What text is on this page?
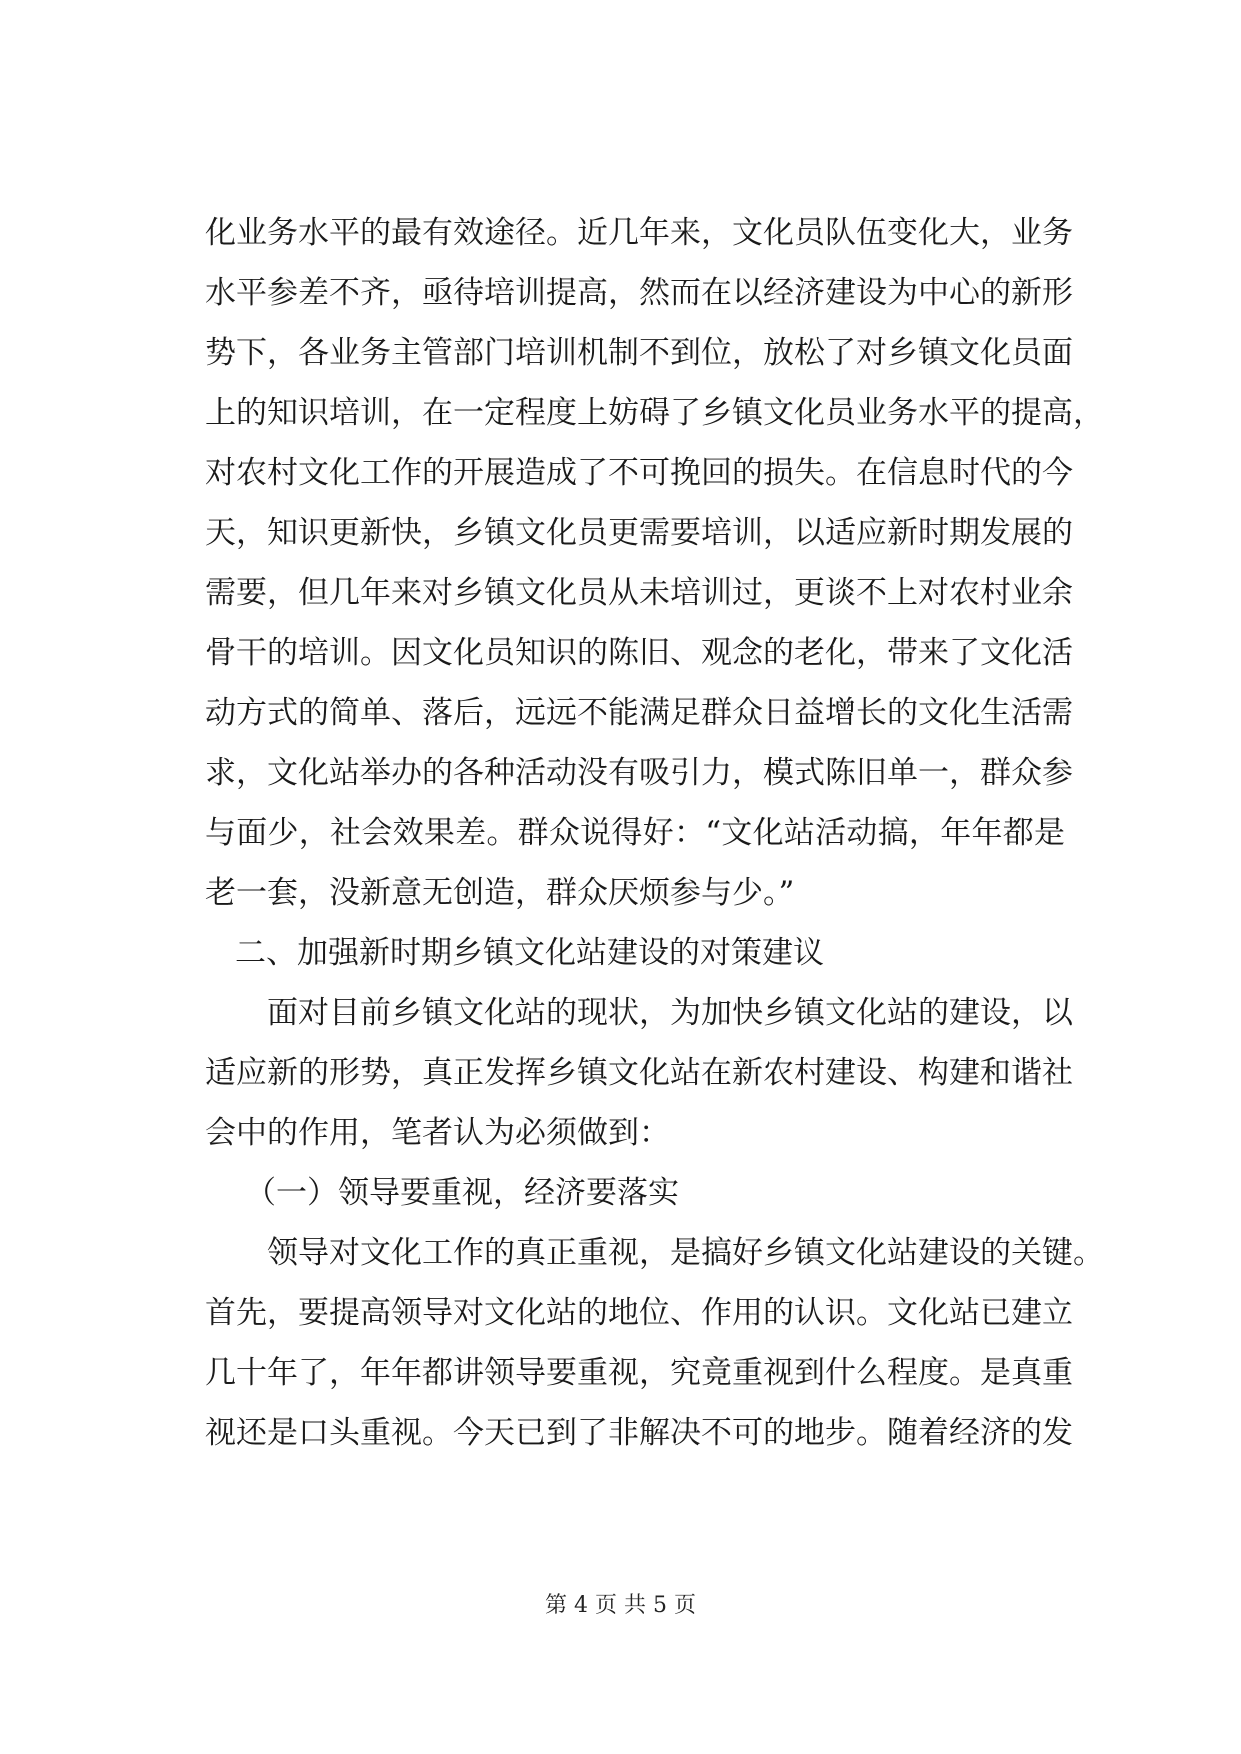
化业务水平的最有效途径。近几年来，文化员队伍变化大，业务
水平参差不齐，亟待培训提高，然而在以经济建设为中心的新形
势下，各业务主管部门培训机制不到位，放松了对乡镇文化员面
上的知识培训，在一定程度上妨碍了乡镇文化员业务水平的提高，
对农村文化工作的开展造成了不可挽回的损失。在信息时代的今
天，知识更新快，乡镇文化员更需要培训，以适应新时期发展的
需要，但几年来对乡镇文化员从未培训过，更谈不上对农村业余
骨干的培训。因文化员知识的陈旧、观念的老化，带来了文化活
动方式的简单、落后，远远不能满足群众日益增长的文化生活需
求，文化站举办的各种活动没有吸引力，模式陈旧单一，群众参
与面少，社会效果差。群众说得好：“文化站活动搞，年年都是
老一套，没新意无创造，群众厌烦参与少。”
二、加强新时期乡镇文化站建设的对策建议
面对目前乡镇文化站的现状，为加快乡镇文化站的建设，以
适应新的形势，真正发挥乡镇文化站在新农村建设、构建和谐社
会中的作用，笔者认为必须做到：
（一）领导要重视，经济要落实
领导对文化工作的真正重视，是搞好乡镇文化站建设的关键。
首先，要提高领导对文化站的地位、作用的认识。文化站已建立
几十年了，年年都讲领导要重视，究竟重视到什么程度。是真重
视还是口头重视。今天已到了非解决不可的地步。随着经济的发
第 4 页 共 5 页
